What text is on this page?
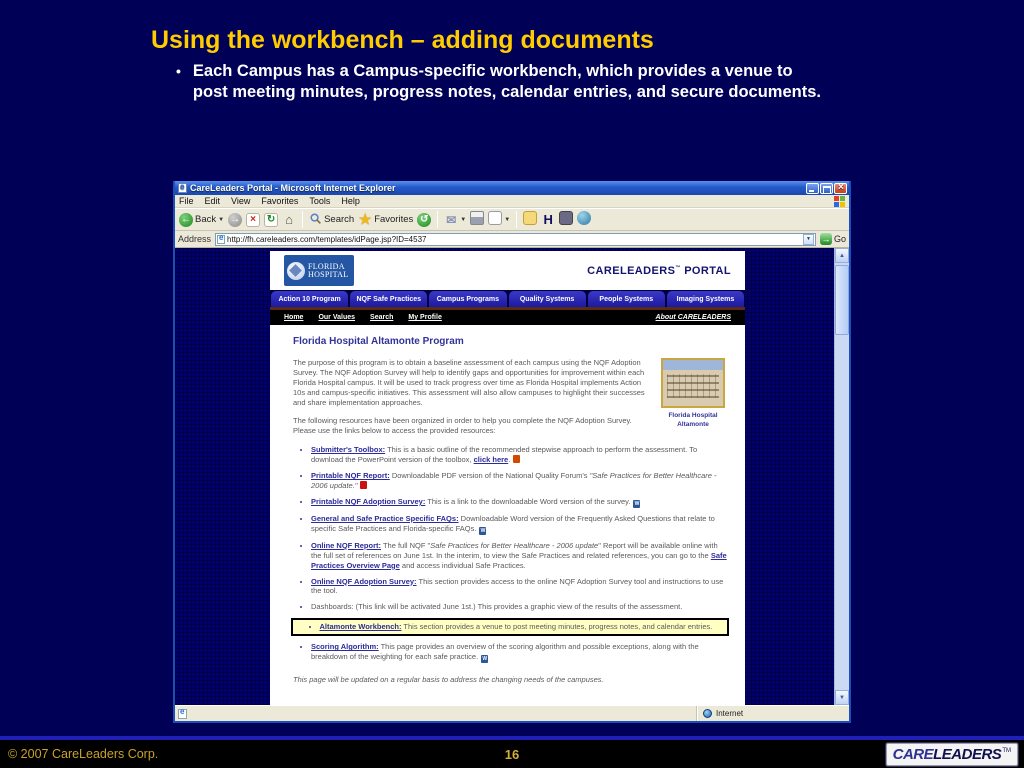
Using the workbench – adding documents
• Each Campus has a Campus-specific workbench, which provides a venue to post meeting minutes, progress notes, calendar entries, and secure documents.
e
CareLeaders Portal - Microsoft Internet Explorer
×
File Edit View Favorites Tools Help
← Back ▼ →	×	↻ ⌂	Search ★ Favorites ↺ ✉ ▼	▼	H
Address e http://fh.careleaders.com/templates/idPage.jsp?ID=4537	▼	→ Go
FLORIDA
HOSPITAL	CARELEADERS™ PORTAL
Action 10 Program	NQF Safe Practices	Campus Programs	Quality Systems	People Systems	Imaging Systems
Home Our Values Search My Profile	About CARELEADERS
Florida Hospital Altamonte Program
Florida Hospital Altamonte
The purpose of this program is to obtain a baseline assessment of each campus using the NQF Adoption Survey. The NQF Adoption Survey will help to identify gaps and opportunities for improvement within each Florida Hospital campus. It will be used to track progress over time as Florida Hospital implements Action 10s and campus-specific initiatives. This assessment will also allow campuses to highlight their successes and share implementation approaches.
The following resources have been organized in order to help you complete the NQF Adoption Survey. Please use the links below to access the provided resources:
• Submitter's Toolbox: This is a basic outline of the recommended stepwise approach to perform the assessment. To download the PowerPoint version of the toolbox, click here.
• Printable NQF Report: Downloadable PDF version of the National Quality Forum's "Safe Practices for Better Healthcare - 2006 update."
• Printable NQF Adoption Survey: This is a link to the downloadable Word version of the survey. W
• General and Safe Practice Specific FAQs: Downloadable Word version of the Frequently Asked Questions that relate to specific Safe Practices and Florida-specific FAQs. W
• Online NQF Report: The full NQF "Safe Practices for Better Healthcare - 2006 update" Report will be available online with the full set of references on June 1st. In the interim, to view the Safe Practices and related references, you can go to the Safe Practices Overview Page and access individual Safe Practices.
• Online NQF Adoption Survey: This section provides access to the online NQF Adoption Survey tool and instructions to use the tool.
• Dashboards: (This link will be activated June 1st.) This provides a graphic view of the results of the assessment.
• Altamonte Workbench: This section provides a venue to post meeting minutes, progress notes, and calendar entries.
• Scoring Algorithm: This page provides an overview of the scoring algorithm and possible exceptions, along with the breakdown of the weighting for each safe practice. W
This page will be updated on a regular basis to address the changing needs of the campuses.
▲
▼
e
Internet
© 2007 CareLeaders Corp.	16	CARE LEADERS TM
